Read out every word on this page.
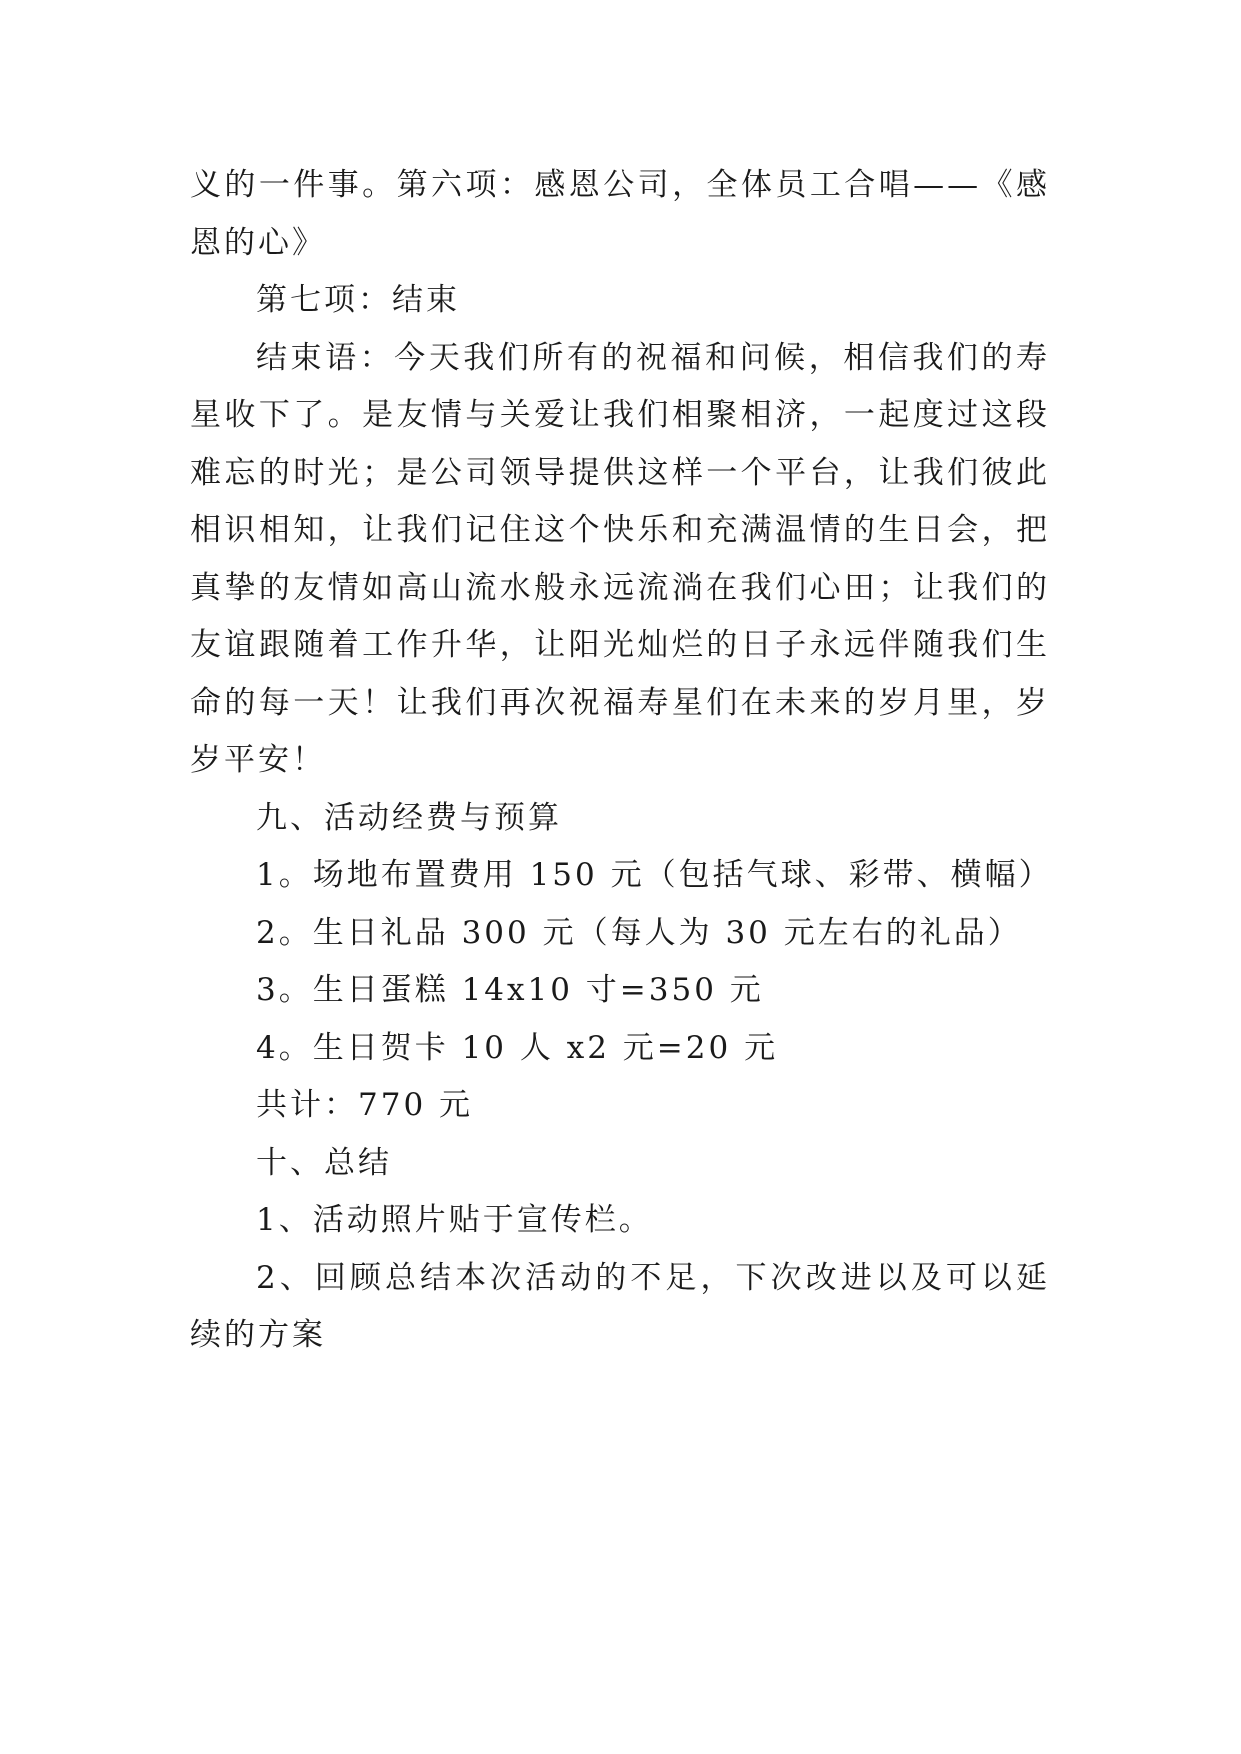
义的一件事。第六项：感恩公司，全体员工合唱——《感恩的心》

第七项：结束

结束语：今天我们所有的祝福和问候，相信我们的寿星收下了。是友情与关爱让我们相聚相济，一起度过这段难忘的时光；是公司领导提供这样一个平台，让我们彼此相识相知，让我们记住这个快乐和充满温情的生日会，把真挚的友情如高山流水般永远流淌在我们心田；让我们的友谊跟随着工作升华，让阳光灿烂的日子永远伴随我们生命的每一天！让我们再次祝福寿星们在未来的岁月里，岁岁平安！

九、活动经费与预算

1。场地布置费用 150 元（包括气球、彩带、横幅）

2。生日礼品 300 元（每人为 30 元左右的礼品）

3。生日蛋糕 14x10 寸=350 元

4。生日贺卡 10 人 x2 元=20 元

共计：770 元

十、总结

1、活动照片贴于宣传栏。

2、回顾总结本次活动的不足，下次改进以及可以延续的方案
